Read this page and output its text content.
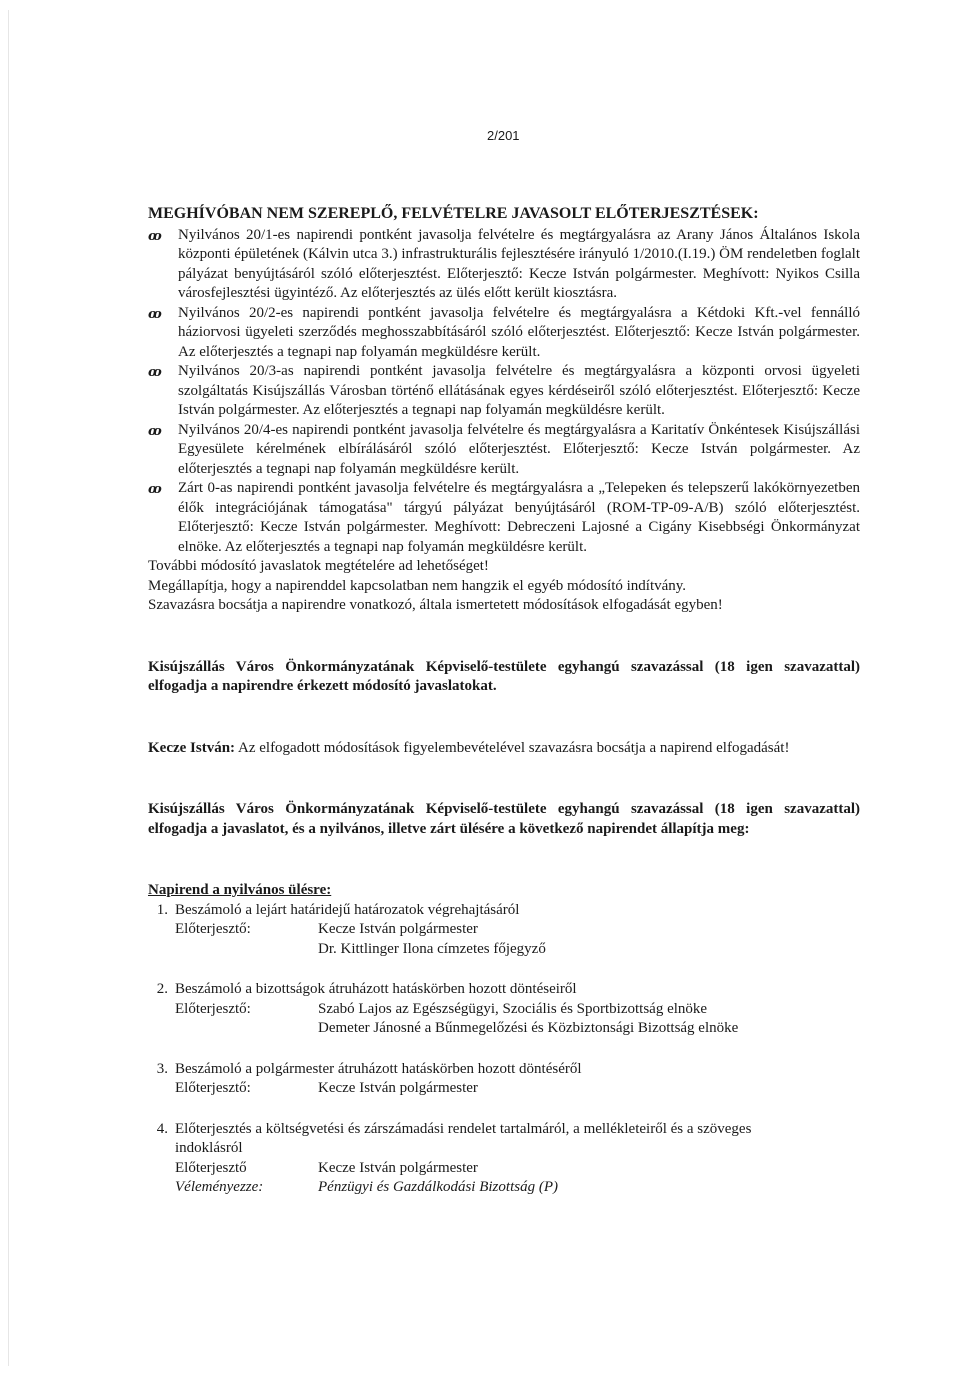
2/201
MEGHÍVÓBAN NEM SZEREPLŐ, FELVÉTELRE JAVASOLT ELŐTERJESZTÉSEK:
ꝏ Nyilvános 20/1-es napirendi pontként javasolja felvételre és megtárgyalásra az Arany János Általános Iskola központi épületének (Kálvin utca 3.) infrastrukturális fejlesztésére irányuló 1/2010.(I.19.) ÖM rendeletben foglalt pályázat benyújtásáról szóló előterjesztést. Előterjesztő: Kecze István polgármester. Meghívott: Nyikos Csilla városfejlesztési ügyintéző. Az előterjesztés az ülés előtt került kiosztásra.
ꝏ Nyilvános 20/2-es napirendi pontként javasolja felvételre és megtárgyalásra a Kétdoki Kft.-vel fennálló háziorvosi ügyeleti szerződés meghosszabbításáról szóló előterjesztést. Előterjesztő: Kecze István polgármester. Az előterjesztés a tegnapi nap folyamán megküldésre került.
ꝏ Nyilvános 20/3-as napirendi pontként javasolja felvételre és megtárgyalásra a központi orvosi ügyeleti szolgáltatás Kisújszállás Városban történő ellátásának egyes kérdéseiről szóló előterjesztést. Előterjesztő: Kecze István polgármester. Az előterjesztés a tegnapi nap folyamán megküldésre került.
ꝏ Nyilvános 20/4-es napirendi pontként javasolja felvételre és megtárgyalásra a Karitatív Önkéntesek Kisújszállási Egyesülete kérelmének elbírálásáról szóló előterjesztést. Előterjesztő: Kecze István polgármester. Az előterjesztés a tegnapi nap folyamán megküldésre került.
ꝏ Zárt 0-as napirendi pontként javasolja felvételre és megtárgyalásra a „Telepeken és telepszerű lakókörnyezetben élők integrációjának támogatása" tárgyú pályázat benyújtásáról (ROM-TP-09-A/B) szóló előterjesztést. Előterjesztő: Kecze István polgármester. Meghívott: Debreczeni Lajosné a Cigány Kisebbségi Önkormányzat elnöke. Az előterjesztés a tegnapi nap folyamán megküldésre került.
További módosító javaslatok megtételére ad lehetőséget!
Megállapítja, hogy a napirenddel kapcsolatban nem hangzik el egyéb módosító indítvány.
Szavazásra bocsátja a napirendre vonatkozó, általa ismertetett módosítások elfogadását egyben!
Kisújszállás Város Önkormányzatának Képviselő-testülete egyhangú szavazással (18 igen szavazattal) elfogadja a napirendre érkezett módosító javaslatokat.
Kecze István: Az elfogadott módosítások figyelembevételével szavazásra bocsátja a napirend elfogadását!
Kisújszállás Város Önkormányzatának Képviselő-testülete egyhangú szavazással (18 igen szavazattal) elfogadja a javaslatot, és a nyilvános, illetve zárt ülésére a következő napirendet állapítja meg:
Napirend a nyilvános ülésre:
1. Beszámoló a lejárt határidejű határozatok végrehajtásáról
Előterjesztő:	Kecze István polgármester
Dr. Kittlinger Ilona címzetes főjegyző
2. Beszámoló a bizottságok átruházott hatáskörben hozott döntéseiről
Előterjesztő:	Szabó Lajos az Egészségügyi, Szociális és Sportbizottság elnöke
Demeter Jánosné a Bűnmegelőzési és Közbiztonsági Bizottság elnöke
3. Beszámoló a polgármester átruházott hatáskörben hozott döntéséről
Előterjesztő:	Kecze István polgármester
4. Előterjesztés a költségvetési és zárszámadási rendelet tartalmáról, a mellékleteiről és a szöveges
indoklásról
Előterjesztő	Kecze István polgármester
Véleményezze:	Pénzügyi és Gazdálkodási Bizottság (P)
